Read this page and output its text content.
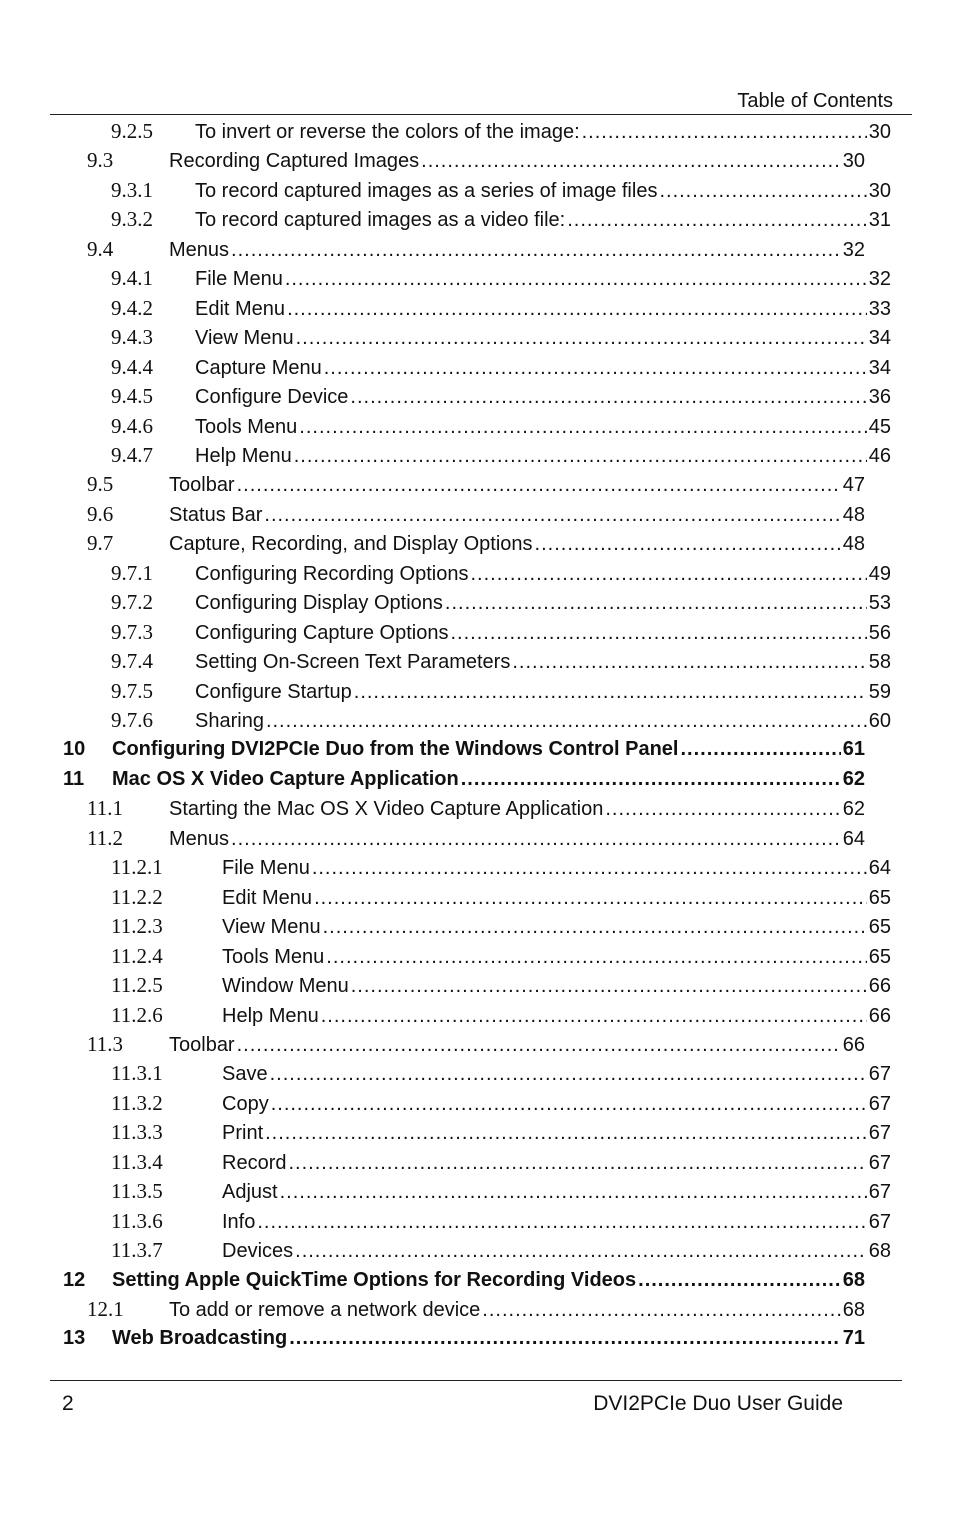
Table of Contents
9.2.5	To invert or reverse the colors of the image: .....	30
9.3	Recording Captured Images .....	30
9.3.1	To record captured images as a series of image files .....	30
9.3.2	To record captured images as a video file: .....	31
9.4	Menus .....	32
9.4.1	File Menu .....	32
9.4.2	Edit Menu .....	33
9.4.3	View Menu .....	34
9.4.4	Capture Menu .....	34
9.4.5	Configure Device .....	36
9.4.6	Tools Menu .....	45
9.4.7	Help Menu .....	46
9.5	Toolbar .....	47
9.6	Status Bar .....	48
9.7	Capture, Recording, and Display Options .....	48
9.7.1	Configuring Recording Options .....	49
9.7.2	Configuring Display Options .....	53
9.7.3	Configuring Capture Options .....	56
9.7.4	Setting On-Screen Text Parameters .....	58
9.7.5	Configure Startup .....	59
9.7.6	Sharing .....	60
10	Configuring DVI2PCIe Duo from the Windows Control Panel .....	61
11	Mac OS X Video Capture Application .....	62
11.1	Starting the Mac OS X Video Capture Application .....	62
11.2	Menus .....	64
11.2.1	File Menu .....	64
11.2.2	Edit Menu .....	65
11.2.3	View Menu .....	65
11.2.4	Tools Menu .....	65
11.2.5	Window Menu .....	66
11.2.6	Help Menu .....	66
11.3	Toolbar .....	66
11.3.1	Save .....	67
11.3.2	Copy .....	67
11.3.3	Print .....	67
11.3.4	Record .....	67
11.3.5	Adjust .....	67
11.3.6	Info .....	67
11.3.7	Devices .....	68
12	Setting Apple QuickTime Options for Recording Videos .....	68
12.1	To add or remove a network device .....	68
13	Web Broadcasting .....	71
2	DVI2PCIe Duo User Guide
